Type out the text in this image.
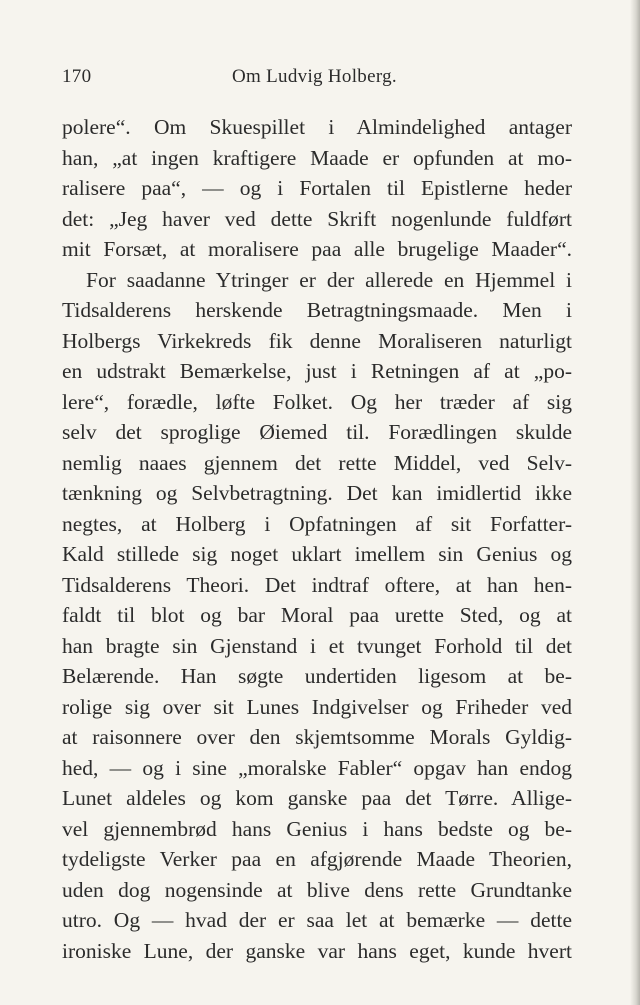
170	Om Ludvig Holberg.
polere“. Om Skuespillet i Almindelighed antager
han, „at ingen kraftigere Maade er opfunden at mo-
ralisere paa“, — og i Fortalen til Epistlerne heder
det: „Jeg haver ved dette Skrift nogenlunde fuldført
mit Forsæt, at moralisere paa alle brugelige Maader“.
For saadanne Ytringer er der allerede en Hjemmel i
Tidsalderens herskende Betragtningsmaade. Men i
Holbergs Virkekreds fik denne Moraliseren naturligt
en udstrakt Bemærkelse, just i Retningen af at „po-
lere“, forædle, løfte Folket. Og her træder af sig
selv det sproglige Øiemed til. Forædlingen skulde
nemlig naaes gjennem det rette Middel, ved Selv-
tænkning og Selvbetragtning. Det kan imidlertid ikke
negtes, at Holberg i Opfatningen af sit Forfatter-
Kald stillede sig noget uklart imellem sin Genius og
Tidsalderens Theori. Det indtraf oftere, at han hen-
faldt til blot og bar Moral paa urette Sted, og at
han bragte sin Gjenstand i et tvunget Forhold til det
Belærende. Han søgte undertiden ligesom at be-
rolige sig over sit Lunes Indgivelser og Friheder ved
at raisonnere over den skjemtsomme Morals Gyldig-
hed, — og i sine „moralske Fabler“ opgav han endog
Lunet aldeles og kom ganske paa det Tørre. Allige-
vel gjennembrød hans Genius i hans bedste og be-
tydeligste Verker paa en afgjørende Maade Theorien,
uden dog nogensinde at blive dens rette Grundtanke
utro. Og — hvad der er saa let at bemærke — dette
ironiske Lune, der ganske var hans eget, kunde hvert
